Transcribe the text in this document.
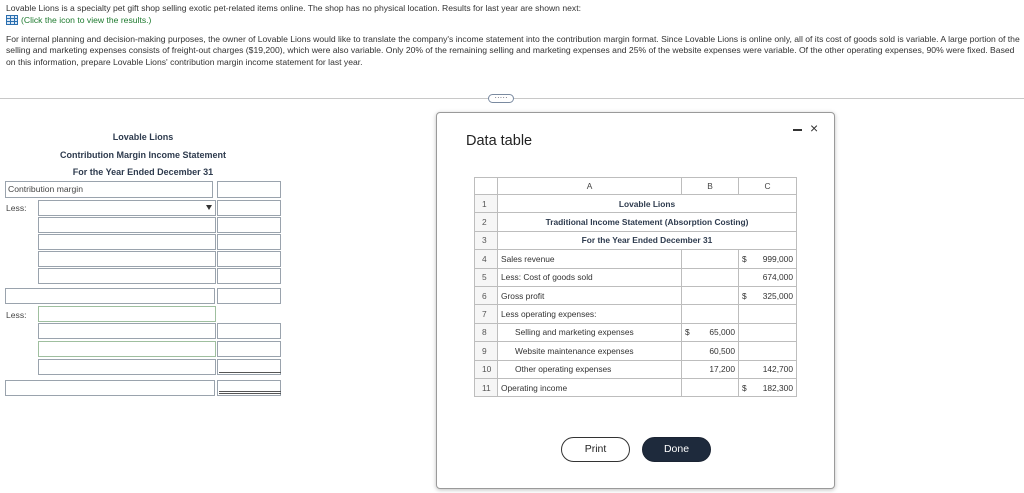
Lovable Lions is a specialty pet gift shop selling exotic pet-related items online. The shop has no physical location. Results for last year are shown next:
(Click the icon to view the results.)
For internal planning and decision-making purposes, the owner of Lovable Lions would like to translate the company's income statement into the contribution margin format. Since Lovable Lions is online only, all of its cost of goods sold is variable. A large portion of the selling and marketing expenses consists of freight-out charges ($19,200), which were also variable. Only 20% of the remaining selling and marketing expenses and 25% of the website expenses were variable. Of the other operating expenses, 90% were fixed. Based on this information, prepare Lovable Lions' contribution margin income statement for last year.
·····
Lovable Lions
Contribution Margin Income Statement
For the Year Ended December 31
Contribution margin
Less:
Less:
Data table
×
	A	B	C
1	Lovable Lions		
2	Traditional Income Statement (Absorption Costing)		
3	For the Year Ended December 31		
4	Sales revenue		$ 999,000

5	Less: Cost of goods sold		674,000
6	Gross profit		$ 325,000

7	Less operating expenses:		
8	Selling and marketing expenses	$ 65,000	

9	Website maintenance expenses	60,500	
10	Other operating expenses	17,200	142,700
11	Operating income		$ 182,300
Print	Done
